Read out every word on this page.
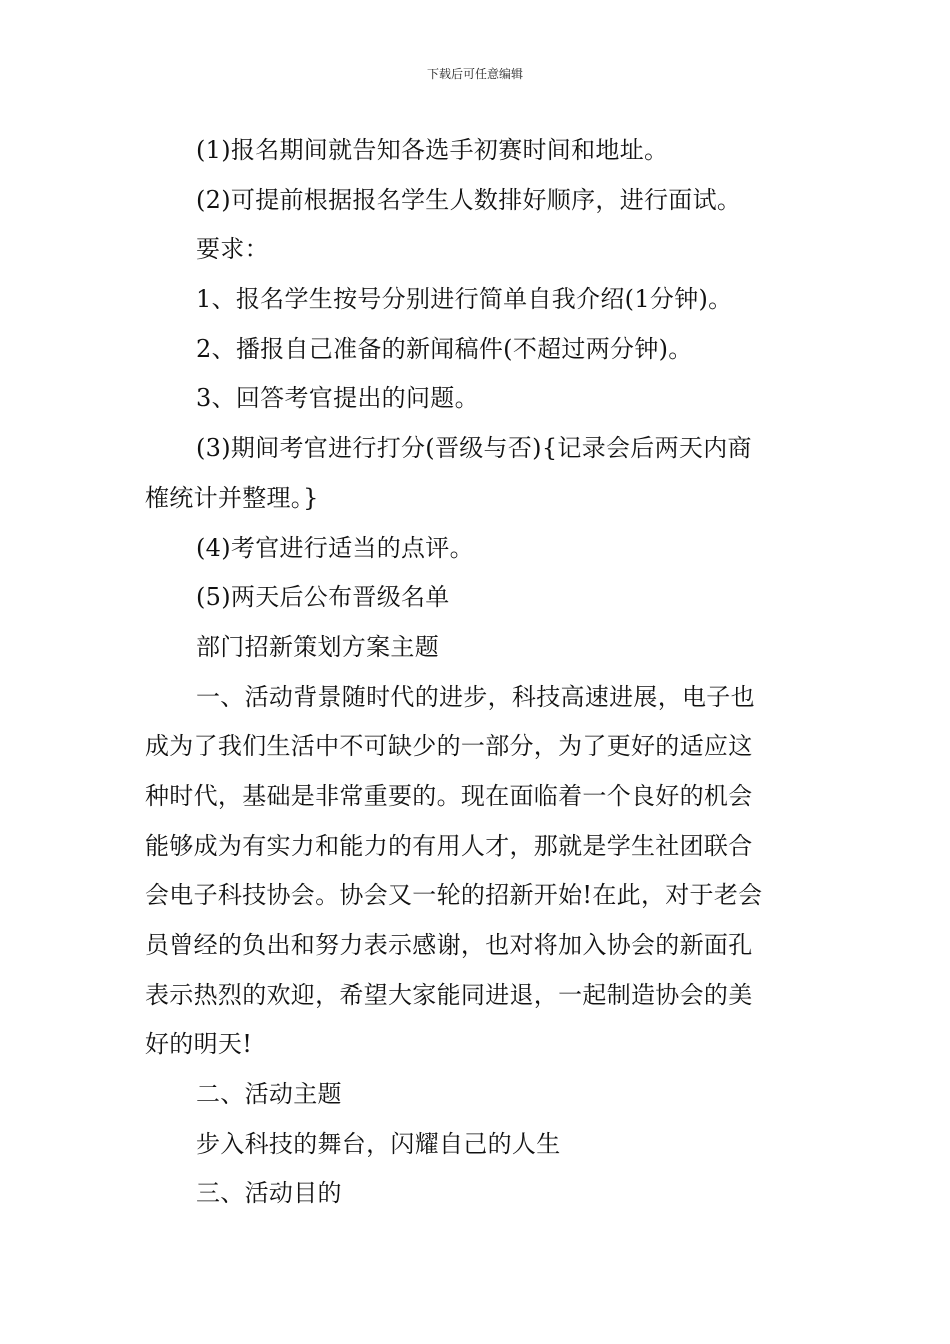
下载后可任意编辑
(1)报名期间就告知各选手初赛时间和地址。
(2)可提前根据报名学生人数排好顺序，进行面试。
要求：
1、报名学生按号分别进行简单自我介绍(1分钟)。
2、播报自己准备的新闻稿件(不超过两分钟)。
3、回答考官提出的问题。
(3)期间考官进行打分(晋级与否){记录会后两天内商
榷统计并整理。}
(4)考官进行适当的点评。
(5)两天后公布晋级名单
部门招新策划方案主题
一、活动背景随时代的进步，科技高速进展，电子也
成为了我们生活中不可缺少的一部分，为了更好的适应这
种时代，基础是非常重要的。现在面临着一个良好的机会
能够成为有实力和能力的有用人才，那就是学生社团联合
会电子科技协会。协会又一轮的招新开始!在此，对于老会
员曾经的负出和努力表示感谢，也对将加入协会的新面孔
表示热烈的欢迎，希望大家能同进退，一起制造协会的美
好的明天!
二、活动主题
步入科技的舞台，闪耀自己的人生
三、活动目的
